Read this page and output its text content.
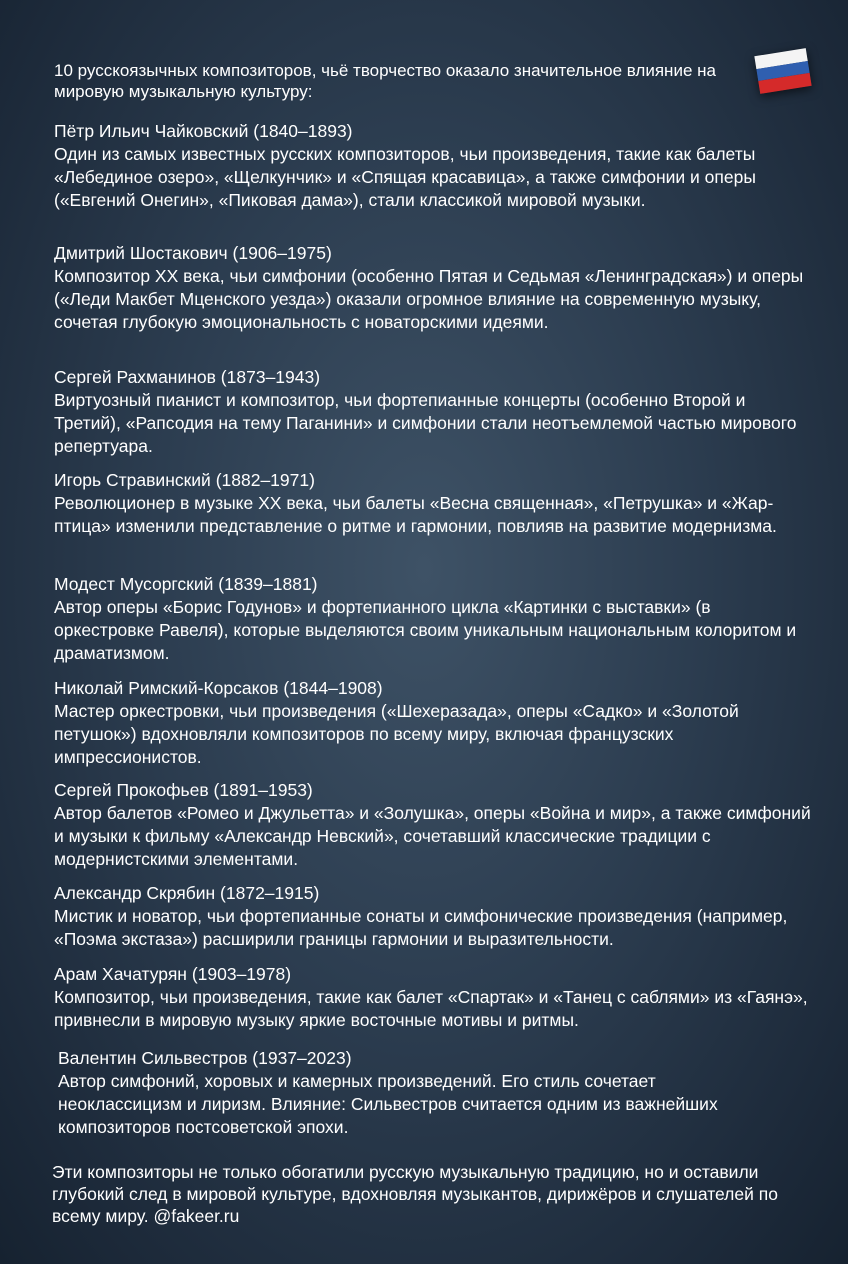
10 русскоязычных композиторов, чьё творчество оказало значительное влияние на мировую музыкальную культуру:
Пётр Ильич Чайковский (1840–1893)
Один из самых известных русских композиторов, чьи произведения, такие как балеты «Лебединое озеро», «Щелкунчик» и «Спящая красавица», а также симфонии и оперы («Евгений Онегин», «Пиковая дама»), стали классикой мировой музыки.
Дмитрий Шостакович (1906–1975)
Композитор XX века, чьи симфонии (особенно Пятая и Седьмая «Ленинградская») и оперы («Леди Макбет Мценского уезда») оказали огромное влияние на современную музыку, сочетая глубокую эмоциональность с новаторскими идеями.
Сергей Рахманинов (1873–1943)
Виртуозный пианист и композитор, чьи фортепианные концерты (особенно Второй и Третий), «Рапсодия на тему Паганини» и симфонии стали неотъемлемой частью мирового репертуара.
Игорь Стравинский (1882–1971)
Революционер в музыке XX века, чьи балеты «Весна священная», «Петрушка» и «Жар-птица» изменили представление о ритме и гармонии, повлияв на развитие модернизма.
Модест Мусоргский (1839–1881)
Автор оперы «Борис Годунов» и фортепианного цикла «Картинки с выставки» (в оркестровке Равеля), которые выделяются своим уникальным национальным колоритом и драматизмом.
Николай Римский-Корсаков (1844–1908)
Мастер оркестровки, чьи произведения («Шехеразада», оперы «Садко» и «Золотой петушок») вдохновляли композиторов по всему миру, включая французских импрессионистов.
Сергей Прокофьев (1891–1953)
Автор балетов «Ромео и Джульетта» и «Золушка», оперы «Война и мир», а также симфоний и музыки к фильму «Александр Невский», сочетавший классические традиции с модернистскими элементами.
Александр Скрябин (1872–1915)
Мистик и новатор, чьи фортепианные сонаты и симфонические произведения (например, «Поэма экстаза») расширили границы гармонии и выразительности.
Арам Хачатурян (1903–1978)
Композитор, чьи произведения, такие как балет «Спартак» и «Танец с саблями» из «Гаянэ», привнесли в мировую музыку яркие восточные мотивы и ритмы.
Валентин Сильвестров (1937–2023)
Автор симфоний, хоровых и камерных произведений. Его стиль сочетает неоклассицизм и лиризм. Влияние: Сильвестров считается одним из важнейших композиторов постсоветской эпохи.
Эти композиторы не только обогатили русскую музыкальную традицию, но и оставили глубокий след в мировой культуре, вдохновляя музыкантов, дирижёров и слушателей по всему миру. @fakeer.ru
